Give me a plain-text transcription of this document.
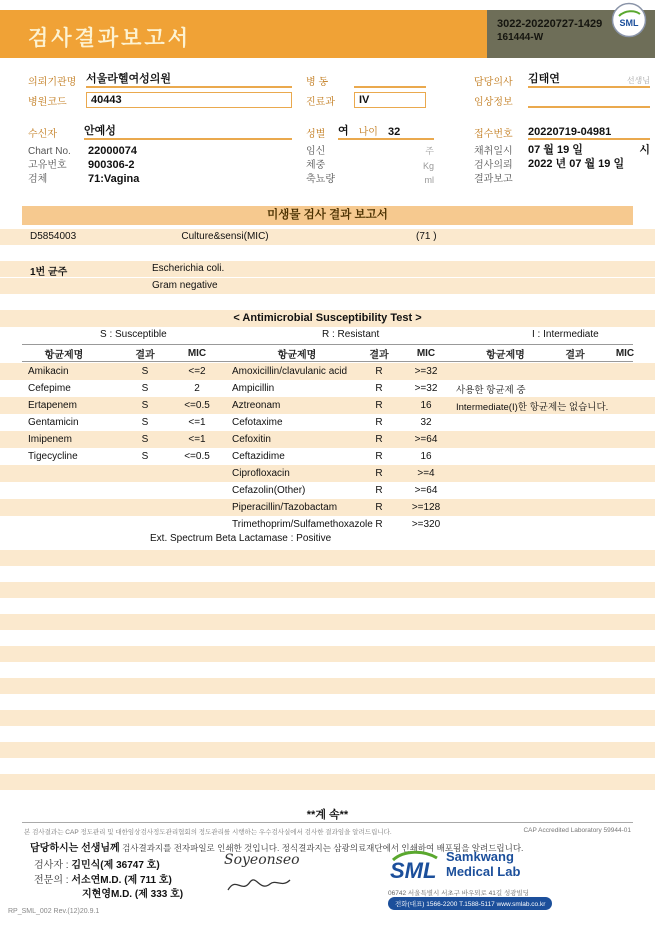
검사결과보고서
3022-20220727-1429
161444-W
SML
의뢰기관명 서울라헬여성의원	병 동	담당의사	김태연	선생님
병원코드	40443	진료과	IV	임상정보
수신자	안예성
Chart No.	22000074
고유번호	900306-2
검체	71:Vagina
성별	여 나이 32
임신	주
체중	Kg
축뇨량	ml
접수번호	20220719-04981
채취일시	07 월 19 일	시
검사의뢰	2022 년 07 월 19 일
결과보고
미생물 검사 결과 보고서
D5854003	Culture&sensi(MIC)	(71 )
1번 균주	Escherichia coli.
Gram negative
< Antimicrobial Susceptibility Test >
S : Susceptible	R : Resistant	I : Intermediate
항균제명	결과	MIC	항균제명	결과	MIC	항균제명	결과	MIC
Amikacin	S	<=2	Amoxicillin/clavulanic acid	R	>=32
Cefepime	S	2	Ampicillin	R	>=32	사용한 항균제 중
Ertapenem	S	<=0.5	Aztreonam	R	16	Intermediate(I)한 항균제는 없습니다.
Gentamicin	S	<=1	Cefotaxime	R	32
Imipenem	S	<=1	Cefoxitin	R	>=64
Tigecycline	S	<=0.5	Ceftazidime	R	16
Ciprofloxacin	R	>=4
Cefazolin(Other)	R	>=64
Piperacillin/Tazobactam	R	>=128
Trimethoprim/Sulfamethoxazole R	>=320
Ext. Spectrum Beta Lactamase : Positive
**계 속**
본 검사결과는 CAP 정도관리 및 대한임상검사정도관리협회의 정도관리를 시행하는 우수검사실에서 검사한 결과임을 알려드립니다.	CAP Accredited Laboratory 59944-01
담당하시는 선생님께 검사결과지를 전자파일로 인쇄한 것입니다. 정식결과지는 삼광의료재단에서 인쇄하여 배포됨을 알려드립니다.
검사자 : 김민식(제 36747 호)
전문의 : 서소연M.D. (제 711 호)
지현영M.D. (제 333 호)
Soyeonseo	SML
Samkwang
Medical Lab
06742 서울특별시 서초구 바우뫼로 41길 성광빌딩
전화(대표) 1566-2200 T.1588-5117 www.smlab.co.kr
RP_SML_002 Rev.(12)20.9.1
